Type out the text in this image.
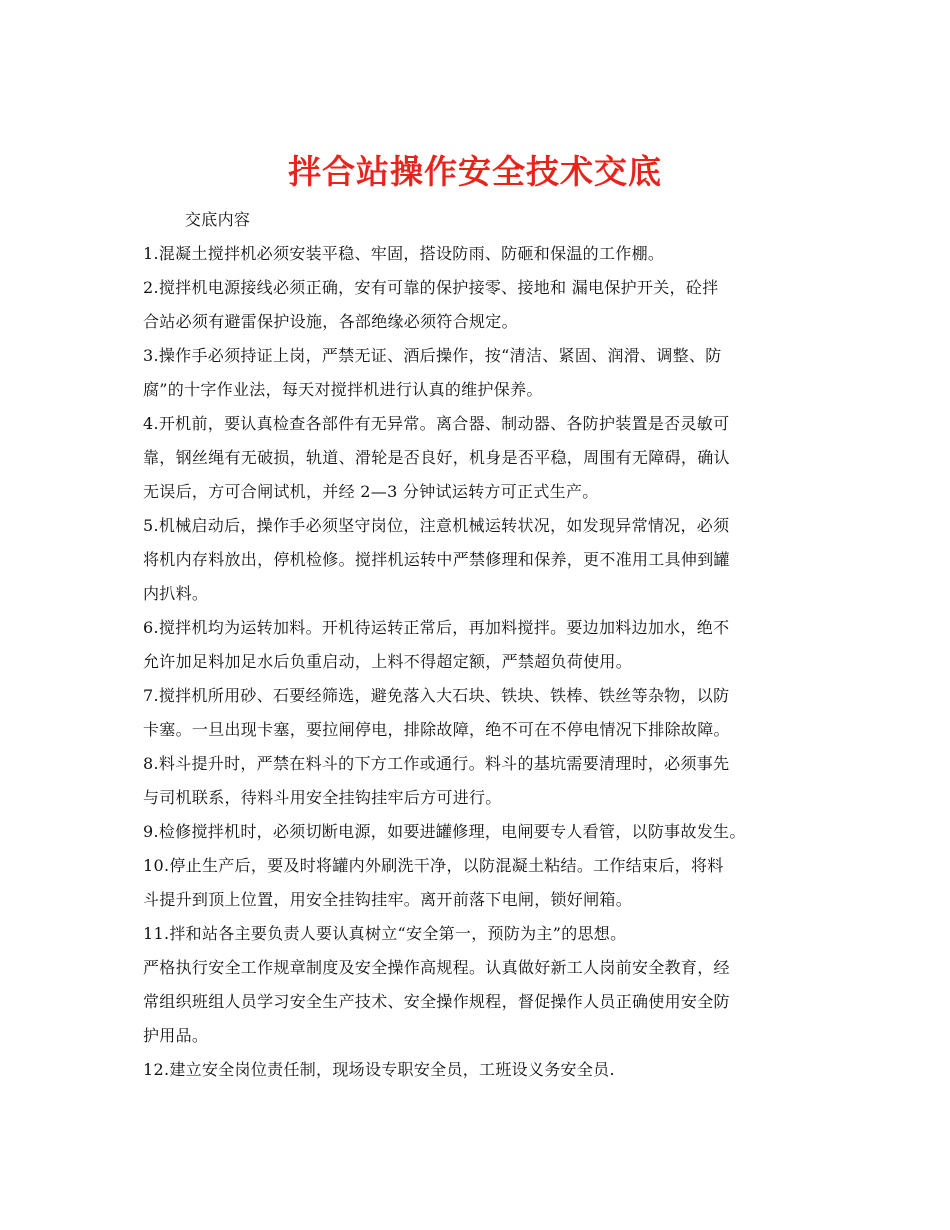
拌合站操作安全技术交底

交底内容

1.混凝土搅拌机必须安装平稳、牢固，搭设防雨、防砸和保温的工作棚。

2.搅拌机电源接线必须正确，安有可靠的保护接零、接地和 漏电保护开关，砼拌

合站必须有避雷保护设施，各部绝缘必须符合规定。

3.操作手必须持证上岗，严禁无证、酒后操作，按“清洁、紧固、润滑、调整、防

腐”的十字作业法，每天对搅拌机进行认真的维护保养。

4.开机前，要认真检查各部件有无异常。离合器、制动器、各防护装置是否灵敏可

靠，钢丝绳有无破损，轨道、滑轮是否良好，机身是否平稳，周围有无障碍，确认

无误后，方可合闸试机，并经 2—3 分钟试运转方可正式生产。

5.机械启动后，操作手必须坚守岗位，注意机械运转状况，如发现异常情况，必须

将机内存料放出，停机检修。搅拌机运转中严禁修理和保养，更不准用工具伸到罐

内扒料。

6.搅拌机均为运转加料。开机待运转正常后，再加料搅拌。要边加料边加水，绝不

允许加足料加足水后负重启动，上料不得超定额，严禁超负荷使用。

7.搅拌机所用砂、石要经筛选，避免落入大石块、铁块、铁棒、铁丝等杂物，以防

卡塞。一旦出现卡塞，要拉闸停电，排除故障，绝不可在不停电情况下排除故障。

8.料斗提升时，严禁在料斗的下方工作或通行。料斗的基坑需要清理时，必须事先

与司机联系，待料斗用安全挂钩挂牢后方可进行。

9.检修搅拌机时，必须切断电源，如要进罐修理，电闸要专人看管，以防事故发生。

10.停止生产后，要及时将罐内外刷洗干净，以防混凝土粘结。工作结束后，将料

斗提升到顶上位置，用安全挂钩挂牢。离开前落下电闸，锁好闸箱。

11.拌和站各主要负责人要认真树立“安全第一，预防为主”的思想。

严格执行安全工作规章制度及安全操作高规程。认真做好新工人岗前安全教育，经

常组织班组人员学习安全生产技术、安全操作规程，督促操作人员正确使用安全防

护用品。

12.建立安全岗位责任制，现场设专职安全员，工班设义务安全员.
